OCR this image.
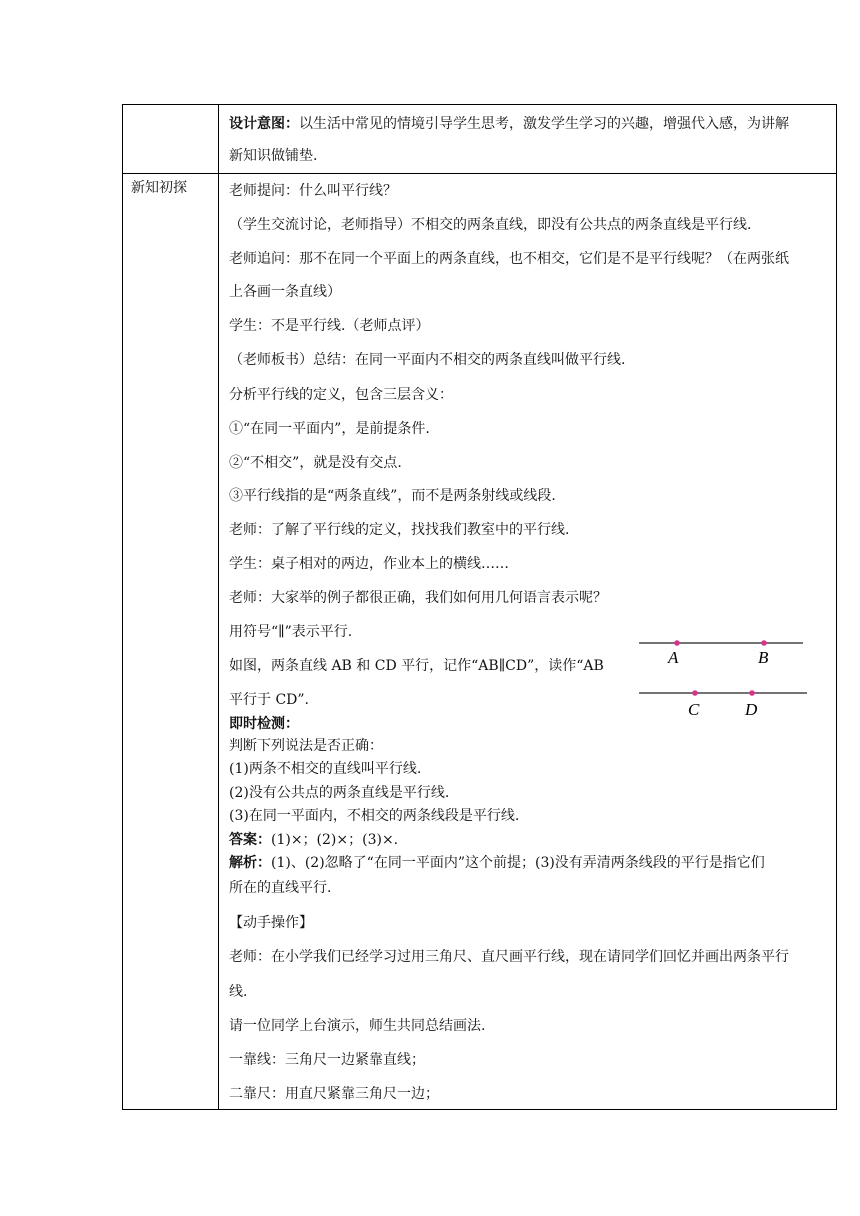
设计意图：以生活中常见的情境引导学生思考，激发学生学习的兴趣，增强代入感，为讲解
新知识做铺垫.
新知初探	老师提问：什么叫平行线？
（学生交流讨论，老师指导）不相交的两条直线，即没有公共点的两条直线是平行线.
老师追问：那不在同一个平面上的两条直线，也不相交，它们是不是平行线呢？（在两张纸
上各画一条直线）
学生：不是平行线.（老师点评）
（老师板书）总结：在同一平面内不相交的两条直线叫做平行线.
分析平行线的定义，包含三层含义：
①“在同一平面内”，是前提条件.
②“不相交”，就是没有交点.
③平行线指的是“两条直线”，而不是两条射线或线段.
老师：了解了平行线的定义，找找我们教室中的平行线.
学生：桌子相对的两边，作业本上的横线……
老师：大家举的例子都很正确，我们如何用几何语言表示呢？
用符号“∥”表示平行.
如图，两条直线 AB 和 CD 平行，记作“AB∥CD”，读作“AB
平行于 CD”.
即时检测：
判断下列说法是否正确：
(1)两条不相交的直线叫平行线.
(2)没有公共点的两条直线是平行线.
(3)在同一平面内，不相交的两条线段是平行线.
答案：(1)×；(2)×；(3)×.
解析：(1)、(2)忽略了“在同一平面内”这个前提；(3)没有弄清两条线段的平行是指它们
所在的直线平行.
【动手操作】
老师：在小学我们已经学习过用三角尺、直尺画平行线，现在请同学们回忆并画出两条平行
线.
请一位同学上台演示，师生共同总结画法.
一靠线：三角尺一边紧靠直线；
二靠尺：用直尺紧靠三角尺一边；
A	B
C	D
